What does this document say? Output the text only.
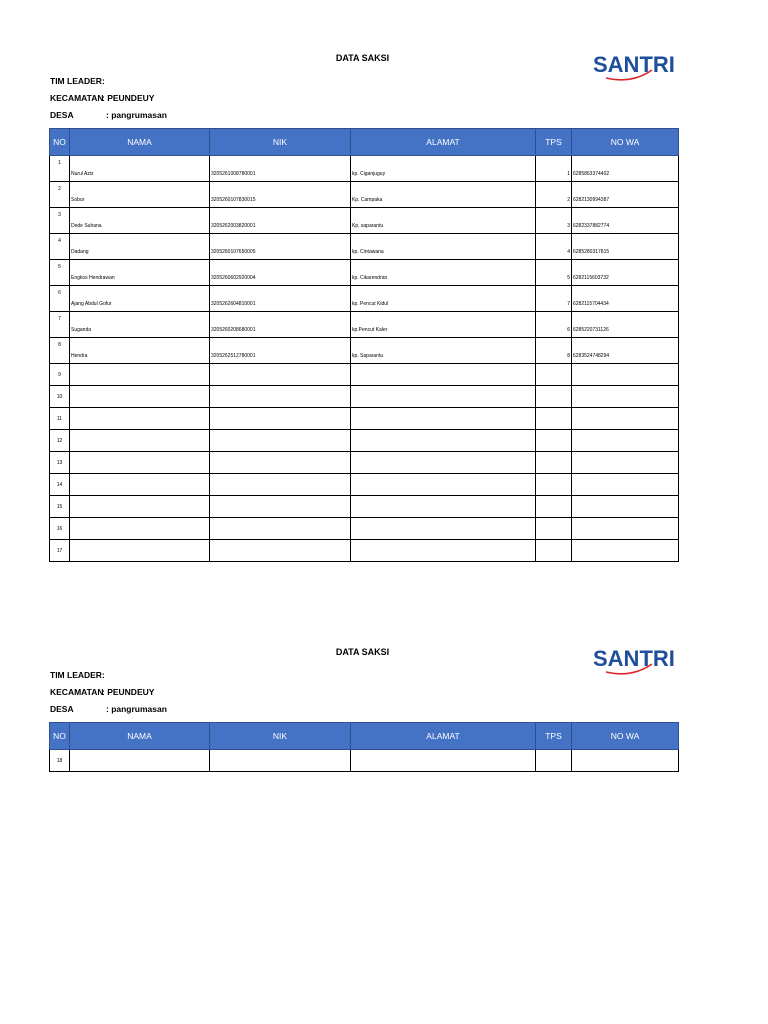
DATA SAKSI	SANTRI
TIM LEADER:
KECAMATAN: PEUNDEUY
DESA	: pangrumasan
NO	NAMA	NIK	ALAMAT	TPS	NO WA
1	Nurul Aziz	3205261008780001	kp. Ciganjuguy	1	6285863374402

2	Sobur	3205260107830015	Kp. Campaka	2	6282130994387

3	Dede Suhana	3205262003820001	Kp. saparantu	3	6282337882774

4	Dadang	3205260107650005	kp. Cintawana	4	6285280317815

5	Engkos Hendrawan	3205260602920004	kp. Cikarendran	5	6282115603732

6	Ajang Abdul Gofur	3205262604810001	kp. Pencut Kidul	7	6282115704434

7	Suganda	3205260208680001	kp.Pencut Kaler	6	6285220731126

8	Hendra	3205262512780001	kp. Saparantu	8	6283524748294

9					
10					
11					
12					
13					
14					
15					
16					
17					
DATA SAKSI	SANTRI
TIM LEADER:
KECAMATAN: PEUNDEUY
DESA	: pangrumasan
NO	NAMA	NIK	ALAMAT	TPS	NO WA
18					
